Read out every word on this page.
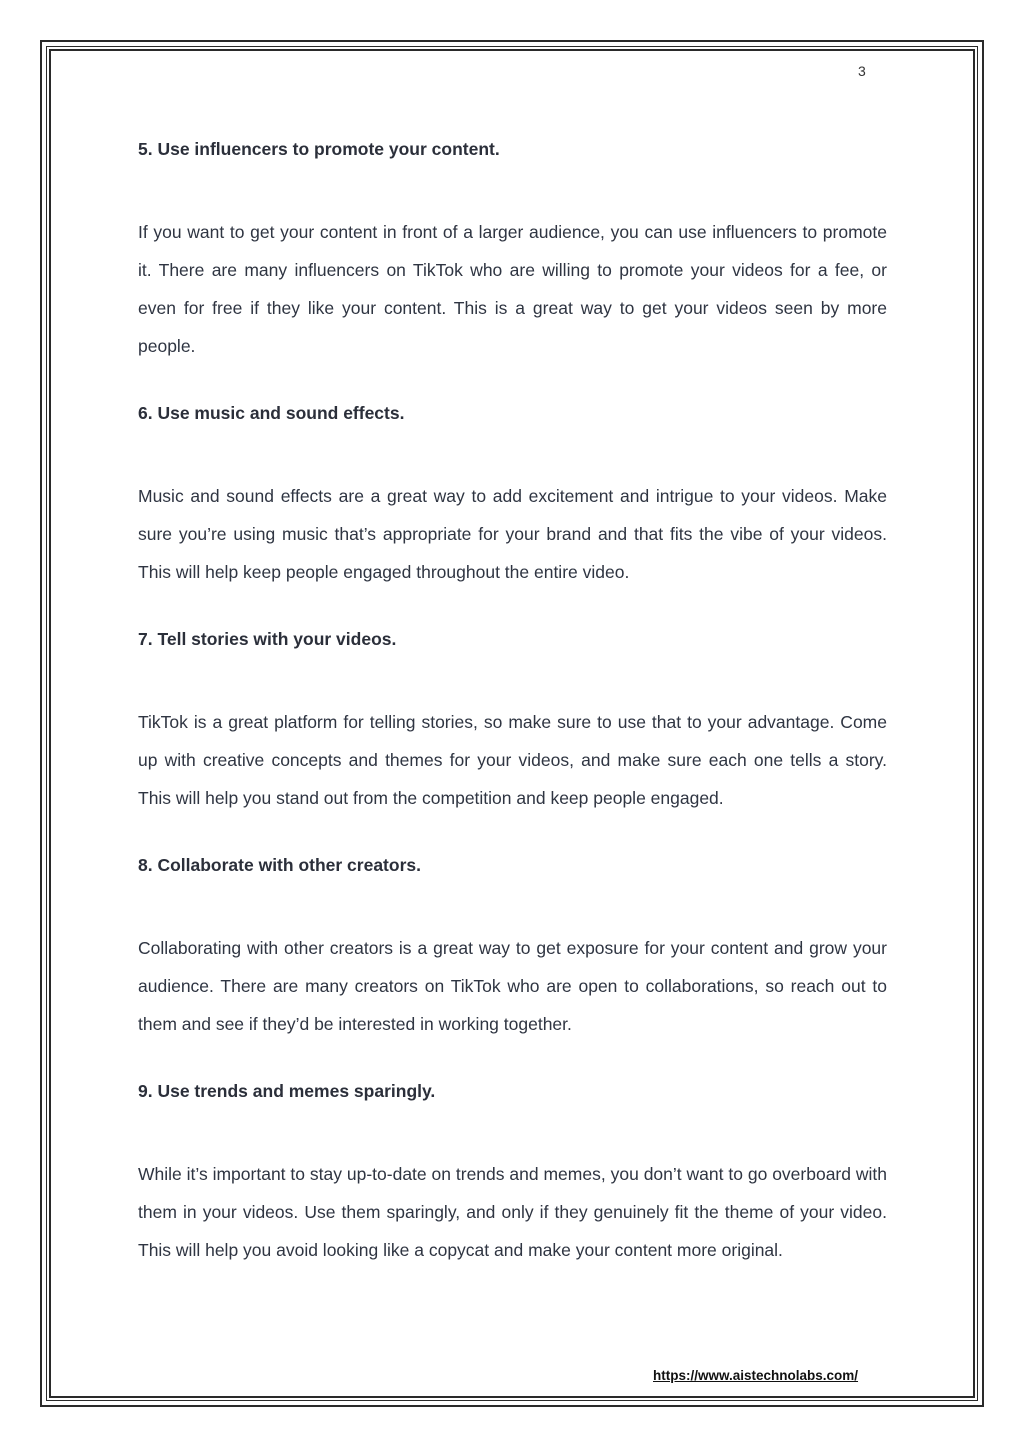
3
5. Use influencers to promote your content.

If you want to get your content in front of a larger audience, you can use influencers to promote it. There are many influencers on TikTok who are willing to promote your videos for a fee, or even for free if they like your content. This is a great way to get your videos seen by more people.

6. Use music and sound effects.

Music and sound effects are a great way to add excitement and intrigue to your videos. Make sure you’re using music that’s appropriate for your brand and that fits the vibe of your videos. This will help keep people engaged throughout the entire video.

7. Tell stories with your videos.

TikTok is a great platform for telling stories, so make sure to use that to your advantage. Come up with creative concepts and themes for your videos, and make sure each one tells a story. This will help you stand out from the competition and keep people engaged.

8. Collaborate with other creators.

Collaborating with other creators is a great way to get exposure for your content and grow your audience. There are many creators on TikTok who are open to collaborations, so reach out to them and see if they’d be interested in working together.

9. Use trends and memes sparingly.

While it’s important to stay up-to-date on trends and memes, you don’t want to go overboard with them in your videos. Use them sparingly, and only if they genuinely fit the theme of your video. This will help you avoid looking like a copycat and make your content more original.

https://www.aistechnolabs.com/
